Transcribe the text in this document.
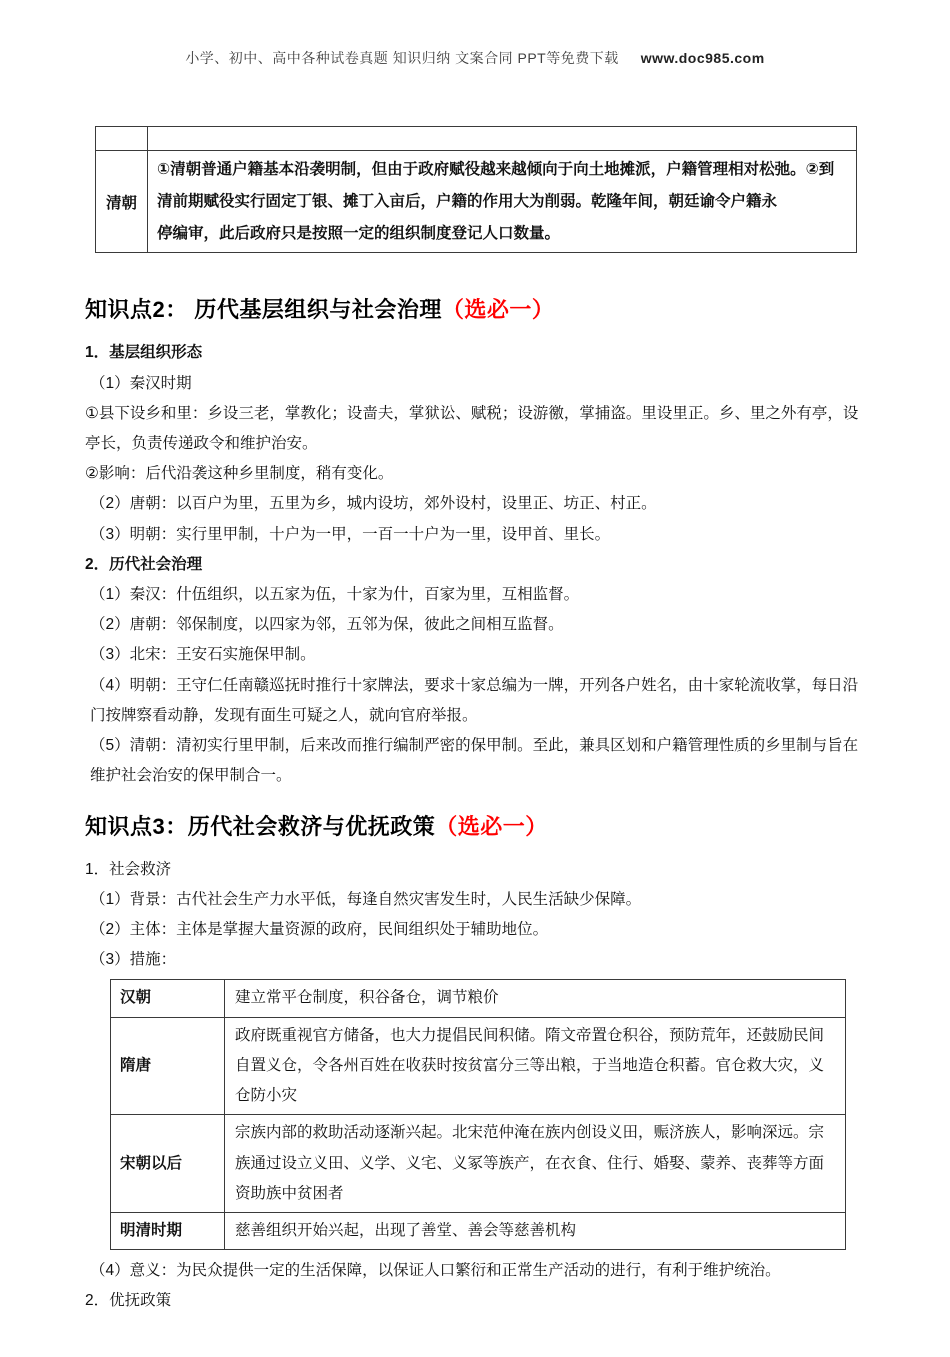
小学、初中、高中各种试卷真题 知识归纳 文案合同 PPT等免费下载 www.doc985.com

清朝	①清朝普通户籍基本沿袭明制，但由于政府赋役越来越倾向于向土地摊派，户籍管理相对松弛。②到清前期赋役实行固定丁银、摊丁入亩后，户籍的作用大为削弱。乾隆年间，朝廷谕令户籍永

停编审，此后政府只是按照一定的组织制度登记人口数量。

知识点2： 历代基层组织与社会治理（选必一）

1．基层组织形态

（1）秦汉时期

①县下设乡和里：乡设三老，掌教化；设啬夫，掌狱讼、赋税；设游徼，掌捕盗。里设里正。乡、里之外有亭，设亭长，负责传递政令和维护治安。

②影响：后代沿袭这种乡里制度，稍有变化。

（2）唐朝：以百户为里，五里为乡，城内设坊，郊外设村，设里正、坊正、村正。

（3）明朝：实行里甲制，十户为一甲，一百一十户为一里，设甲首、里长。

2．历代社会治理

（1）秦汉：什伍组织，以五家为伍，十家为什，百家为里，互相监督。

（2）唐朝：邻保制度，以四家为邻，五邻为保，彼此之间相互监督。

（3）北宋：王安石实施保甲制。

（4）明朝：王守仁任南赣巡抚时推行十家牌法，要求十家总编为一牌，开列各户姓名，由十家轮流收掌，每日沿门按牌察看动静，发现有面生可疑之人，就向官府举报。

（5）清朝：清初实行里甲制，后来改而推行编制严密的保甲制。至此，兼具区划和户籍管理性质的乡里制与旨在维护社会治安的保甲制合一。

知识点3：历代社会救济与优抚政策（选必一）

1．社会救济

（1）背景：古代社会生产力水平低，每逢自然灾害发生时，人民生活缺少保障。

（2）主体：主体是掌握大量资源的政府，民间组织处于辅助地位。

（3）措施：

汉朝	建立常平仓制度，积谷备仓，调节粮价
隋唐	政府既重视官方储备，也大力提倡民间积储。隋文帝置仓积谷，预防荒年，还鼓励民间自置义仓，令各州百姓在收获时按贫富分三等出粮，于当地造仓积蓄。官仓救大灾，义仓防小灾
宋朝以后	宗族内部的救助活动逐渐兴起。北宋范仲淹在族内创设义田，赈济族人，影响深远。宗族通过设立义田、义学、义宅、义冢等族产，在衣食、住行、婚娶、蒙养、丧葬等方面资助族中贫困者
明清时期	慈善组织开始兴起，出现了善堂、善会等慈善机构

（4）意义：为民众提供一定的生活保障，以保证人口繁衍和正常生产活动的进行，有利于维护统治。

2．优抚政策
